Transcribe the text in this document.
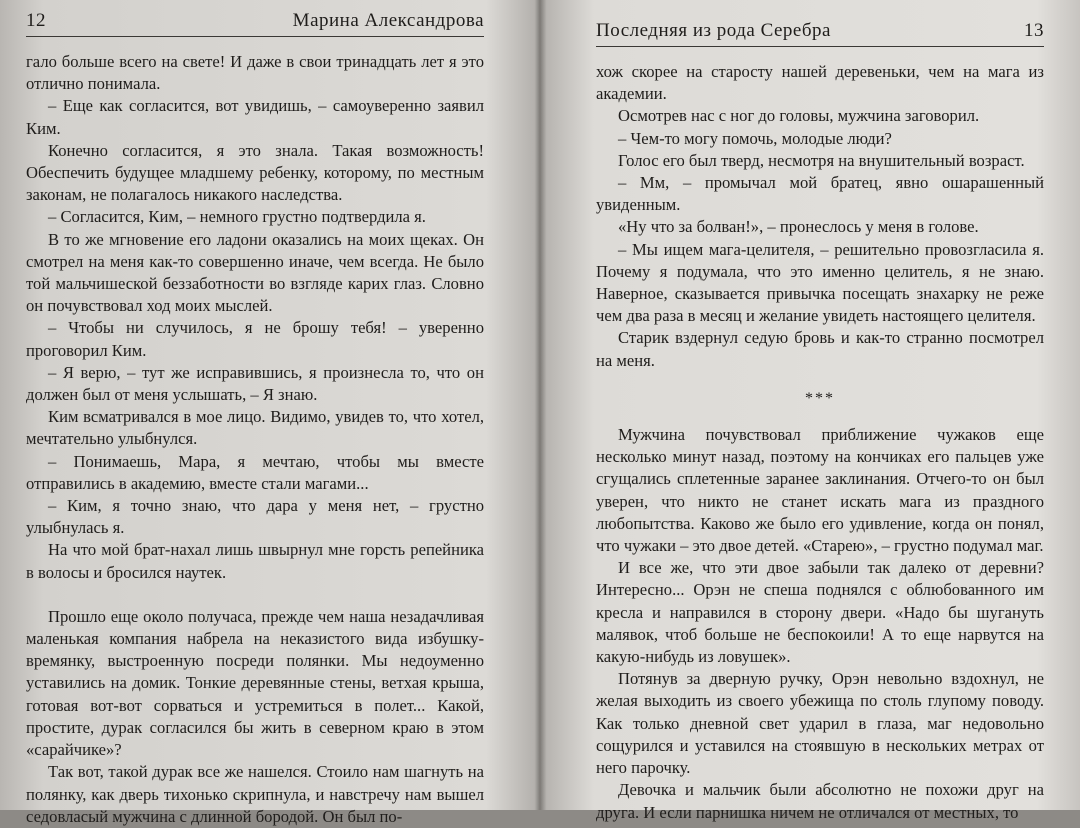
12	Марина Александрова

гало больше всего на свете! И даже в свои тринадцать лет я это отлично понимала.

– Еще как согласится, вот увидишь, – самоуверенно заявил Ким.

Конечно согласится, я это знала. Такая возможность! Обеспечить будущее младшему ребенку, которому, по местным законам, не полагалось никакого наследства.

– Согласится, Ким, – немного грустно подтвердила я.

В то же мгновение его ладони оказались на моих щеках. Он смотрел на меня как-то совершенно иначе, чем всегда. Не было той мальчишеской беззаботности во взгляде карих глаз. Словно он почувствовал ход моих мыслей.

– Чтобы ни случилось, я не брошу тебя! – уверенно проговорил Ким.

– Я верю, – тут же исправившись, я произнесла то, что он должен был от меня услышать, – Я знаю.

Ким всматривался в мое лицо. Видимо, увидев то, что хотел, мечтательно улыбнулся.

– Понимаешь, Мара, я мечтаю, чтобы мы вместе отправились в академию, вместе стали магами...

– Ким, я точно знаю, что дара у меня нет, – грустно улыбнулась я.

На что мой брат-нахал лишь швырнул мне горсть репейника в волосы и бросился наутек.

Прошло еще около получаса, прежде чем наша незадачливая маленькая компания набрела на неказистого вида избушку-времянку, выстроенную посреди полянки. Мы недоуменно уставились на домик. Тонкие деревянные стены, ветхая крыша, готовая вот-вот сорваться и устремиться в полет... Какой, простите, дурак согласился бы жить в северном краю в этом «сарайчике»?

Так вот, такой дурак все же нашелся. Стоило нам шагнуть на полянку, как дверь тихонько скрипнула, и навстречу нам вышел седовласый мужчина с длинной бородой. Он был по-

Последняя из рода Серебра	13

хож скорее на старосту нашей деревеньки, чем на мага из академии.

Осмотрев нас с ног до головы, мужчина заговорил.

– Чем-то могу помочь, молодые люди?

Голос его был тверд, несмотря на внушительный возраст.

– Мм, – промычал мой братец, явно ошарашенный увиденным.

«Ну что за болван!», – пронеслось у меня в голове.

– Мы ищем мага-целителя, – решительно провозгласила я. Почему я подумала, что это именно целитель, я не знаю. Наверное, сказывается привычка посещать знахарку не реже чем два раза в месяц и желание увидеть настоящего целителя.

Старик вздернул седую бровь и как-то странно посмотрел на меня.

***

Мужчина почувствовал приближение чужаков еще несколько минут назад, поэтому на кончиках его пальцев уже сгущались сплетенные заранее заклинания. Отчего-то он был уверен, что никто не станет искать мага из праздного любопытства. Каково же было его удивление, когда он понял, что чужаки – это двое детей. «Старею», – грустно подумал маг.

И все же, что эти двое забыли так далеко от деревни? Интересно... Орэн не спеша поднялся с облюбованного им кресла и направился в сторону двери. «Надо бы шугануть малявок, чтоб больше не беспокоили! А то еще нарвутся на какую-нибудь из ловушек».

Потянув за дверную ручку, Орэн невольно вздохнул, не желая выходить из своего убежища по столь глупому поводу. Как только дневной свет ударил в глаза, маг недовольно сощурился и уставился на стоявшую в нескольких метрах от него парочку.

Девочка и мальчик были абсолютно не похожи друг на друга. И если парнишка ничем не отличался от местных, то
